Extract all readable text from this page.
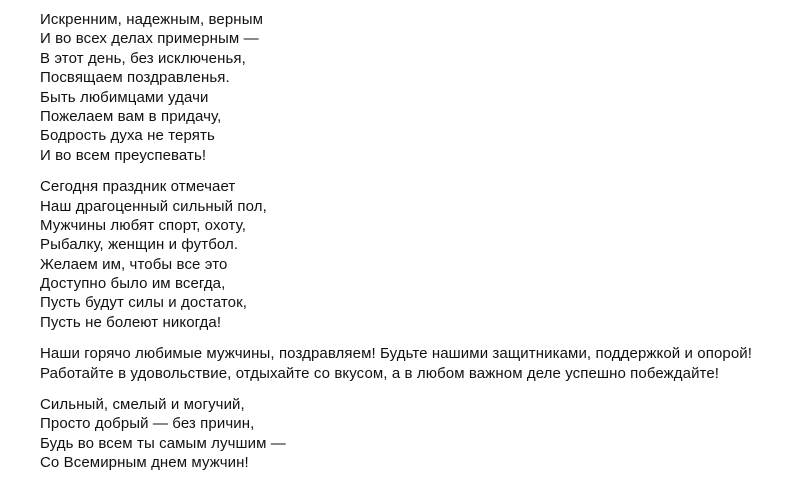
Искренним, надежным, верным
И во всех делах примерным —
В этот день, без исключенья,
Посвящаем поздравленья.
Быть любимцами удачи
Пожелаем вам в придачу,
Бодрость духа не терять
И во всем преуспевать!
Сегодня праздник отмечает
Наш драгоценный сильный пол,
Мужчины любят спорт, охоту,
Рыбалку, женщин и футбол.
Желаем им, чтобы все это
Доступно было им всегда,
Пусть будут силы и достаток,
Пусть не болеют никогда!
Наши горячо любимые мужчины, поздравляем! Будьте нашими защитниками, поддержкой и опорой!
Работайте в удовольствие, отдыхайте со вкусом, а в любом важном деле успешно побеждайте!
Сильный, смелый и могучий,
Просто добрый — без причин,
Будь во всем ты самым лучшим —
Со Всемирным днем мужчин!
